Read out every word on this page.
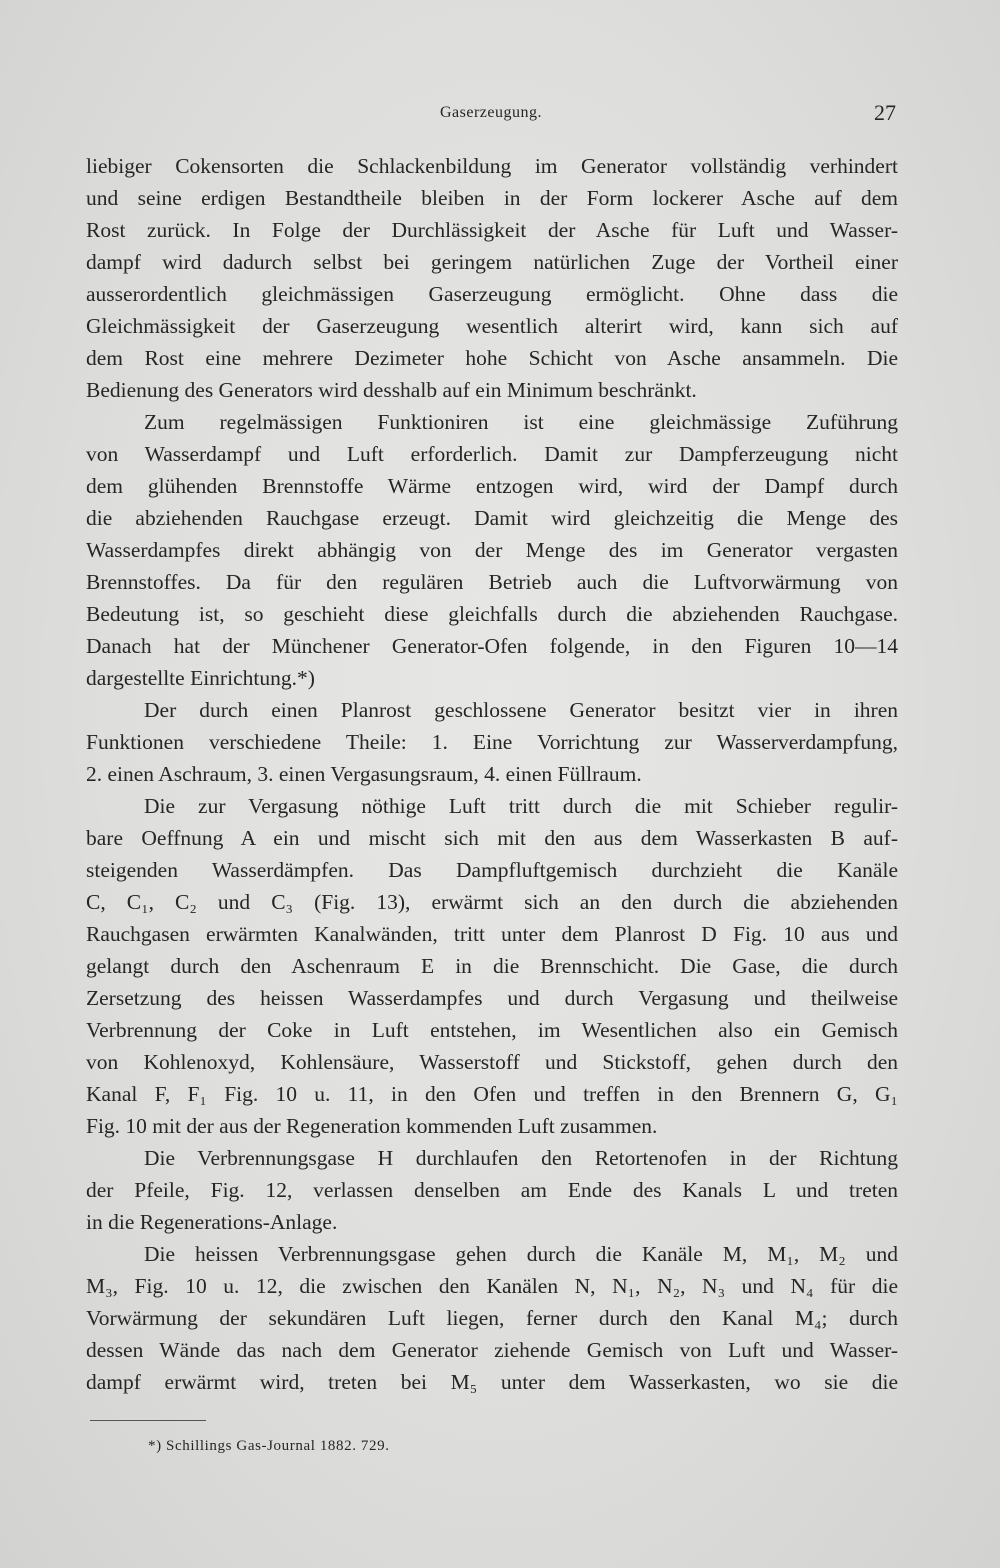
Gaserzeugung.	27
liebiger Cokensorten die Schlackenbildung im Generator vollständig verhindert
und seine erdigen Bestandtheile bleiben in der Form lockerer Asche auf dem
Rost zurück. In Folge der Durchlässigkeit der Asche für Luft und Wasser-
dampf wird dadurch selbst bei geringem natürlichen Zuge der Vortheil einer
ausserordentlich gleichmässigen Gaserzeugung ermöglicht. Ohne dass die
Gleichmässigkeit der Gaserzeugung wesentlich alterirt wird, kann sich auf
dem Rost eine mehrere Dezimeter hohe Schicht von Asche ansammeln. Die
Bedienung des Generators wird desshalb auf ein Minimum beschränkt.
Zum regelmässigen Funktioniren ist eine gleichmässige Zuführung
von Wasserdampf und Luft erforderlich. Damit zur Dampferzeugung nicht
dem glühenden Brennstoffe Wärme entzogen wird, wird der Dampf durch
die abziehenden Rauchgase erzeugt. Damit wird gleichzeitig die Menge des
Wasserdampfes direkt abhängig von der Menge des im Generator vergasten
Brennstoffes. Da für den regulären Betrieb auch die Luftvorwärmung von
Bedeutung ist, so geschieht diese gleichfalls durch die abziehenden Rauchgase.
Danach hat der Münchener Generator-Ofen folgende, in den Figuren 10—14
dargestellte Einrichtung.*)
Der durch einen Planrost geschlossene Generator besitzt vier in ihren
Funktionen verschiedene Theile: 1. Eine Vorrichtung zur Wasserverdampfung,
2. einen Aschraum, 3. einen Vergasungsraum, 4. einen Füllraum.
Die zur Vergasung nöthige Luft tritt durch die mit Schieber regulir-
bare Oeffnung A ein und mischt sich mit den aus dem Wasserkasten B auf-
steigenden Wasserdämpfen. Das Dampfluftgemisch durchzieht die Kanäle
C, C₁, C₂ und C₃ (Fig. 13), erwärmt sich an den durch die abziehenden
Rauchgasen erwärmten Kanalwänden, tritt unter dem Planrost D Fig. 10 aus und
gelangt durch den Aschenraum E in die Brennschicht. Die Gase, die durch
Zersetzung des heissen Wasserdampfes und durch Vergasung und theilweise
Verbrennung der Coke in Luft entstehen, im Wesentlichen also ein Gemisch
von Kohlenoxyd, Kohlensäure, Wasserstoff und Stickstoff, gehen durch den
Kanal F, F₁ Fig. 10 u. 11, in den Ofen und treffen in den Brennern G, G₁
Fig. 10 mit der aus der Regeneration kommenden Luft zusammen.
Die Verbrennungsgase H durchlaufen den Retortenofen in der Richtung
der Pfeile, Fig. 12, verlassen denselben am Ende des Kanals L und treten
in die Regenerations-Anlage.
Die heissen Verbrennungsgase gehen durch die Kanäle M, M₁, M₂ und
M₃, Fig. 10 u. 12, die zwischen den Kanälen N, N₁, N₂, N₃ und N₄ für die
Vorwärmung der sekundären Luft liegen, ferner durch den Kanal M₄; durch
dessen Wände das nach dem Generator ziehende Gemisch von Luft und Wasser-
dampf erwärmt wird, treten bei M₅ unter dem Wasserkasten, wo sie die
*) Schillings Gas-Journal 1882. 729.
